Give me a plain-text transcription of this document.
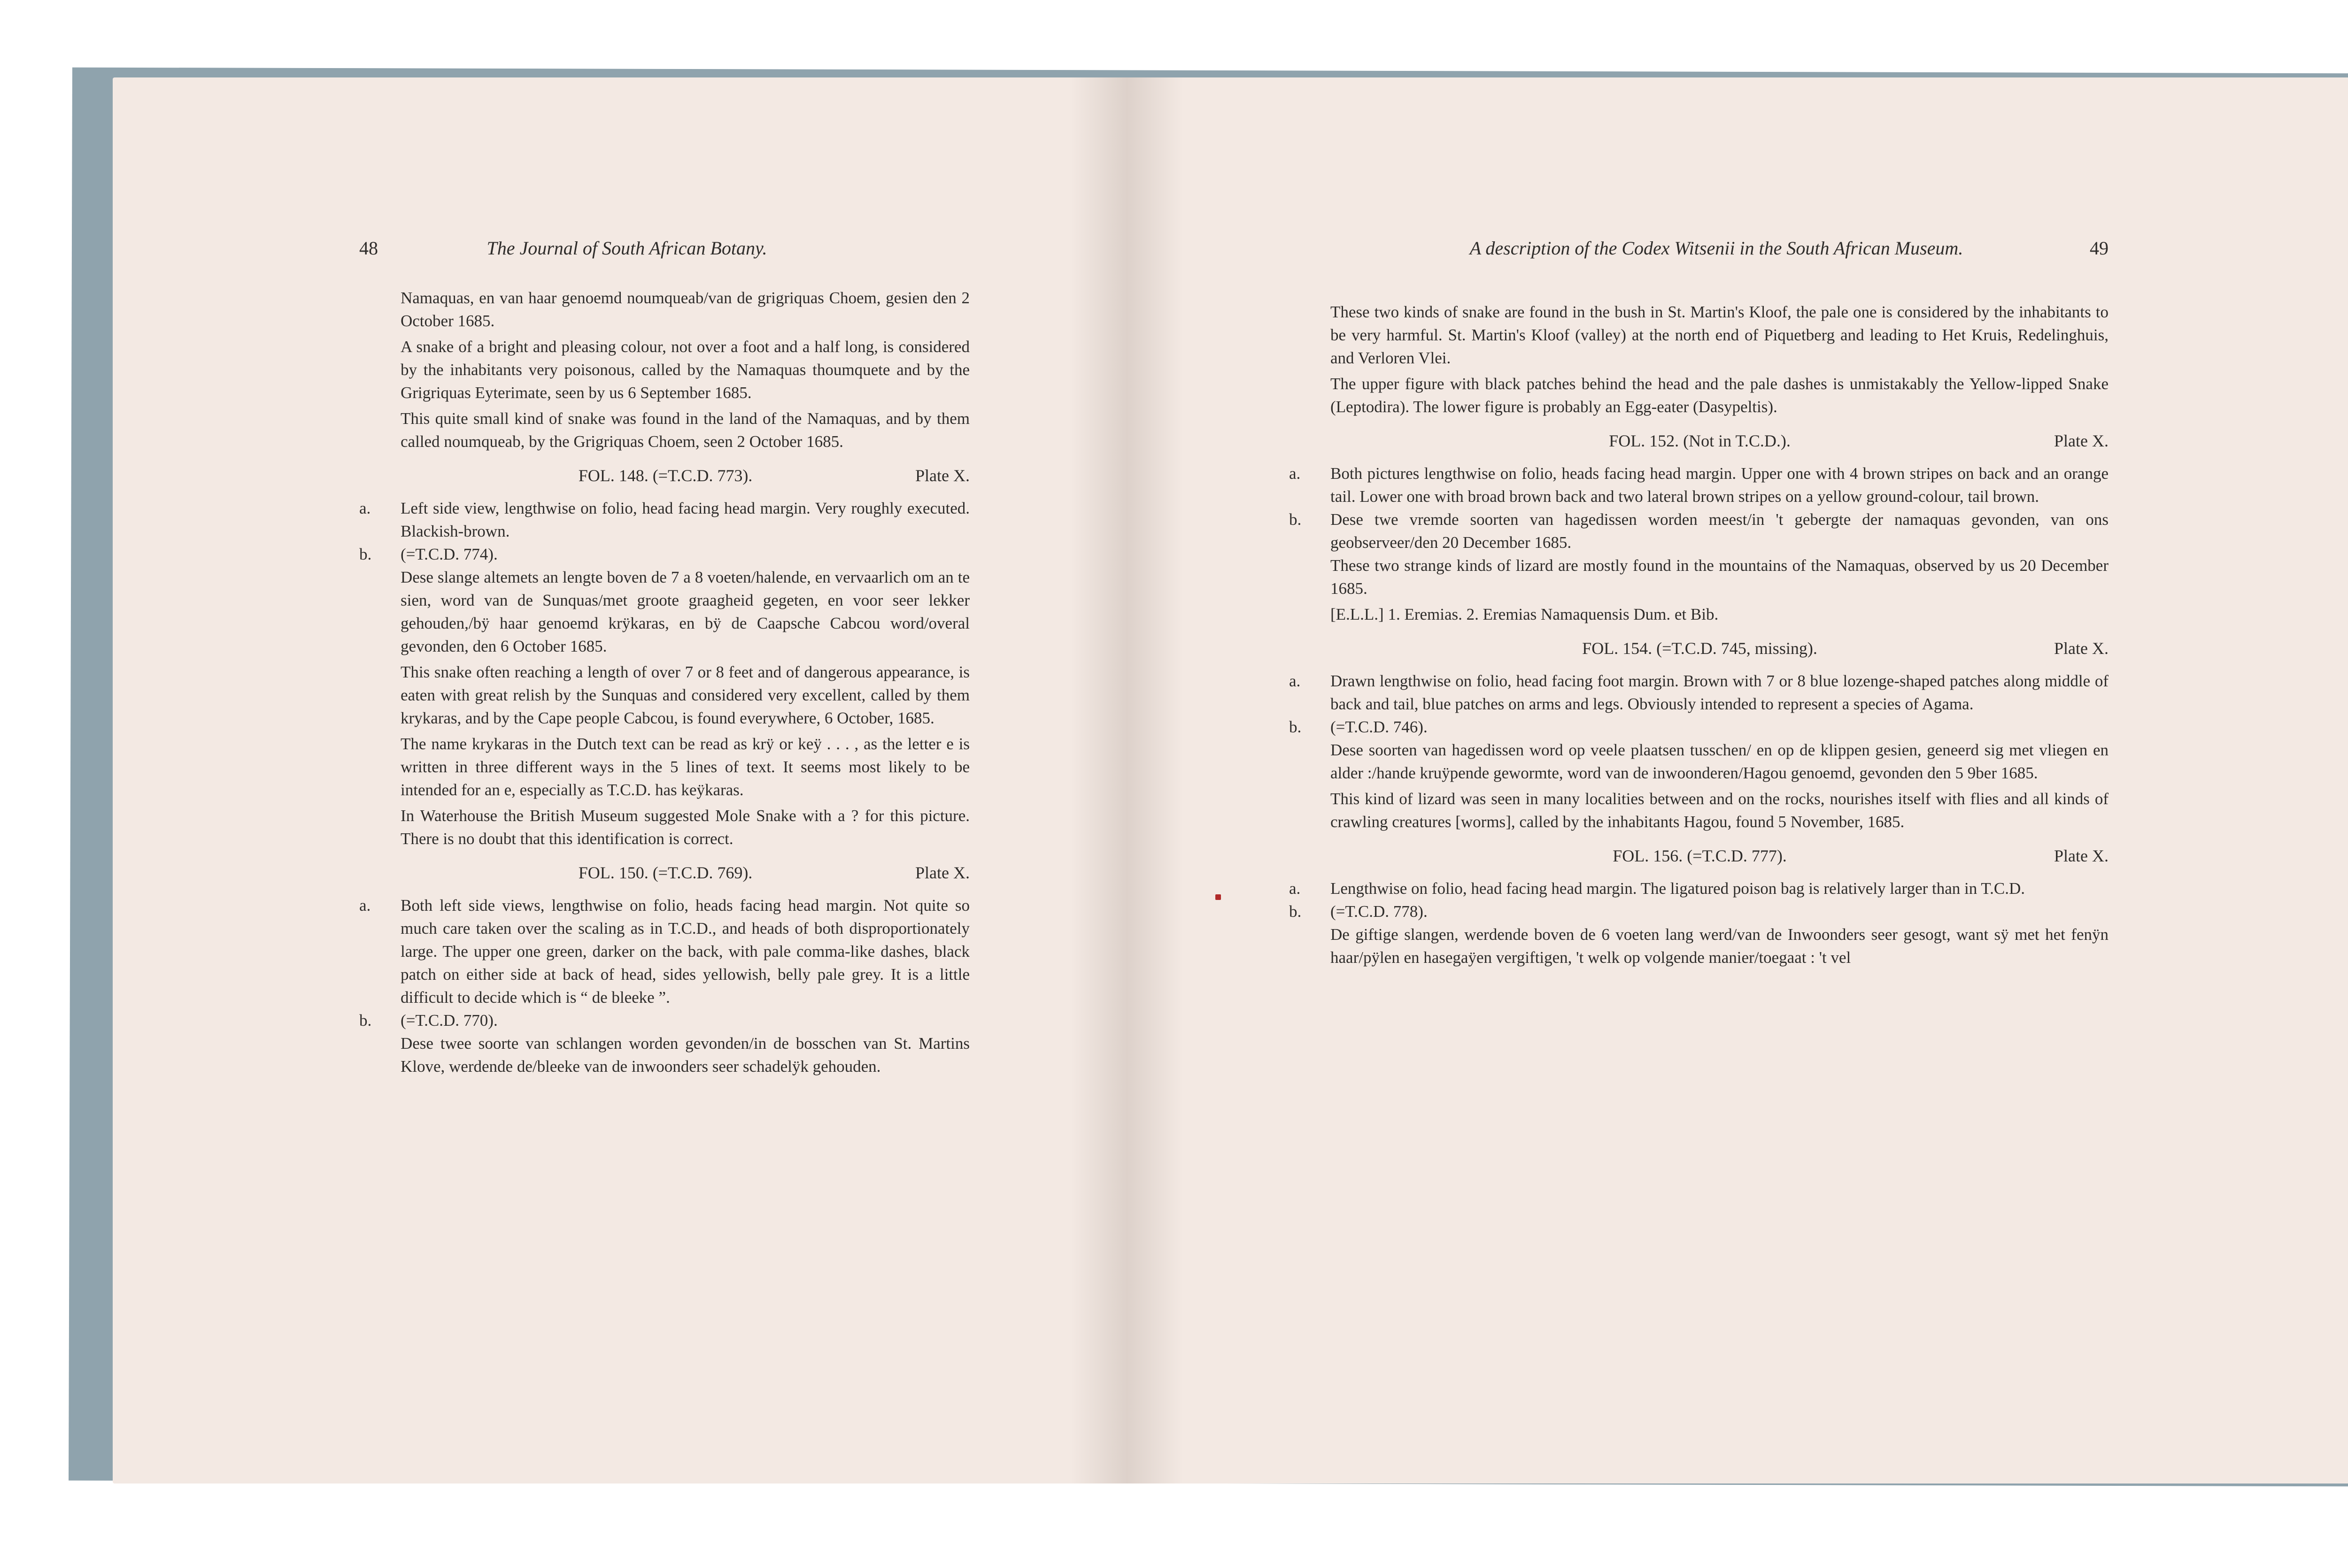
48	The Journal of South African Botany.

Namaquas, en van haar genoemd noumqueab/van de grigriquas Choem, gesien den 2 October 1685.

A snake of a bright and pleasing colour, not over a foot and a half long, is considered by the inhabitants very poisonous, called by the Namaquas thoumquete and by the Grigriquas Eyterimate, seen by us 6 September 1685.

This quite small kind of snake was found in the land of the Namaquas, and by them called noumqueab, by the Grigriquas Choem, seen 2 October 1685.

FOL. 148. (=T.C.D. 773).	Plate X.
a.	Left side view, lengthwise on folio, head facing head margin. Very roughly executed. Blackish-brown.

b.	(=T.C.D. 774).

Dese slange altemets an lengte boven de 7 a 8 voeten/halende, en vervaarlich om an te sien, word van de Sunquas/met groote graagheid gegeten, en voor seer lekker gehouden,/bÿ haar genoemd krÿkaras, en bÿ de Caapsche Cabcou word/overal gevonden, den 6 October 1685.

This snake often reaching a length of over 7 or 8 feet and of dangerous appearance, is eaten with great relish by the Sunquas and considered very excellent, called by them krykaras, and by the Cape people Cabcou, is found everywhere, 6 October, 1685.

The name krykaras in the Dutch text can be read as krÿ or keÿ . . . , as the letter e is written in three different ways in the 5 lines of text. It seems most likely to be intended for an e, especially as T.C.D. has keÿkaras.

In Waterhouse the British Museum suggested Mole Snake with a ? for this picture. There is no doubt that this identification is correct.

FOL. 150. (=T.C.D. 769).	Plate X.
a.	Both left side views, lengthwise on folio, heads facing head margin. Not quite so much care taken over the scaling as in T.C.D., and heads of both disproportionately large. The upper one green, darker on the back, with pale comma-like dashes, black patch on either side at back of head, sides yellowish, belly pale grey. It is a little difficult to decide which is “ de bleeke ”.

b.	(=T.C.D. 770).

Dese twee soorte van schlangen worden gevonden/in de bosschen van St. Martins Klove, werdende de/bleeke van de inwoonders seer schadelÿk gehouden.

A description of the Codex Witsenii in the South African Museum.	49

These two kinds of snake are found in the bush in St. Martin's Kloof, the pale one is considered by the inhabitants to be very harmful. St. Martin's Kloof (valley) at the north end of Piquetberg and leading to Het Kruis, Redelinghuis, and Verloren Vlei.

The upper figure with black patches behind the head and the pale dashes is unmistakably the Yellow-lipped Snake (Leptodira). The lower figure is probably an Egg-eater (Dasypeltis).

FOL. 152. (Not in T.C.D.).	Plate X.
a.	Both pictures lengthwise on folio, heads facing head margin. Upper one with 4 brown stripes on back and an orange tail. Lower one with broad brown back and two lateral brown stripes on a yellow ground-colour, tail brown.

b.	Dese twe vremde soorten van hagedissen worden meest/in 't gebergte der namaquas gevonden, van ons geobserveer/den 20 December 1685.

These two strange kinds of lizard are mostly found in the mountains of the Namaquas, observed by us 20 December 1685.

[E.L.L.] 1. Eremias. 2. Eremias Namaquensis Dum. et Bib.

FOL. 154. (=T.C.D. 745, missing).	Plate X.
a.	Drawn lengthwise on folio, head facing foot margin. Brown with 7 or 8 blue lozenge-shaped patches along middle of back and tail, blue patches on arms and legs. Obviously intended to represent a species of Agama.

b.	(=T.C.D. 746).

Dese soorten van hagedissen word op veele plaatsen tusschen/ en op de klippen gesien, geneerd sig met vliegen en alder :/hande kruÿpende gewormte, word van de inwoonderen/Hagou genoemd, gevonden den 5 9ber 1685.

This kind of lizard was seen in many localities between and on the rocks, nourishes itself with flies and all kinds of crawling creatures [worms], called by the inhabitants Hagou, found 5 November, 1685.

FOL. 156. (=T.C.D. 777).	Plate X.
a.	Lengthwise on folio, head facing head margin. The ligatured poison bag is relatively larger than in T.C.D.

b.	(=T.C.D. 778).

De giftige slangen, werdende boven de 6 voeten lang werd/van de Inwoonders seer gesogt, want sÿ met het fenÿn haar/pÿlen en hasegaÿen vergiftigen, 't welk op volgende manier/toegaat : 't vel
